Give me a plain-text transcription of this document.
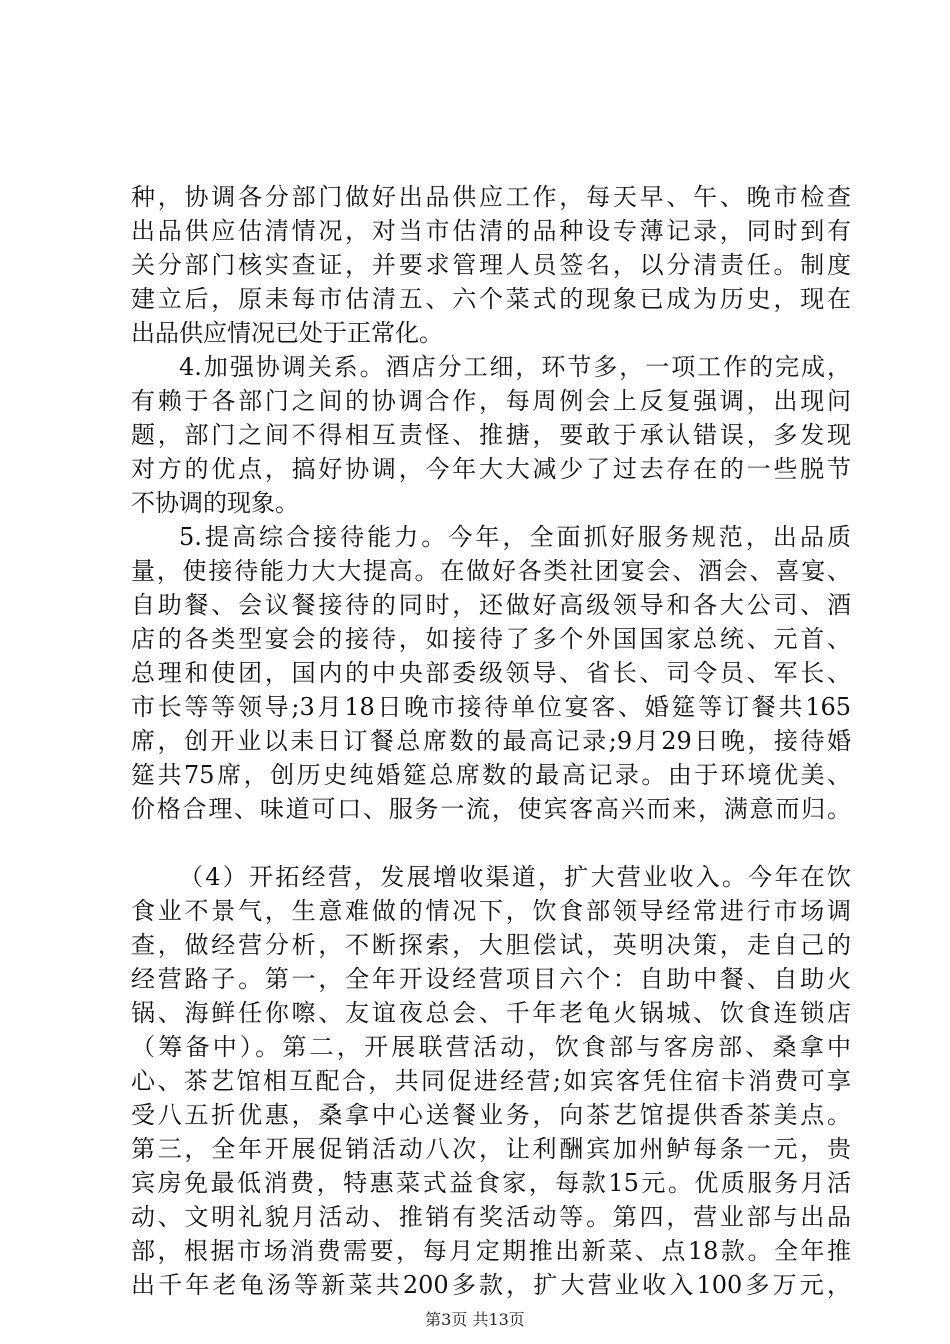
种，协调各分部门做好出品供应工作，每天早、午、晚市检查
出品供应估清情况，对当市估清的品种设专薄记录，同时到有
关分部门核实查证，并要求管理人员签名，以分清责任。制度
建立后，原耒每市估清五、六个菜式的现象已成为历史，现在
出品供应情况已处于正常化。
4.加强协调关系。酒店分工细，环节多，一项工作的完成，
有赖于各部门之间的协调合作，每周例会上反复强调，出现问
题，部门之间不得相互责怪、推搪，要敢于承认错误，多发现
对方的优点，搞好协调，今年大大减少了过去存在的一些脱节
不协调的现象。
5.提高综合接待能力。今年，全面抓好服务规范，出品质
量，使接待能力大大提高。在做好各类社团宴会、酒会、喜宴、
自助餐、会议餐接待的同时，还做好高级领导和各大公司、酒
店的各类型宴会的接待，如接待了多个外国国家总统、元首、
总理和使团，国内的中央部委级领导、省长、司令员、军长、
市长等等领导;3月18日晚市接待单位宴客、婚筵等订餐共165
席，创开业以耒日订餐总席数的最高记录;9月29日晚，接待婚
筵共75席，创历史纯婚筵总席数的最高记录。由于环境优美、
价格合理、味道可口、服务一流，使宾客高兴而来，满意而归。
（4）开拓经营，发展增收渠道，扩大营业收入。今年在饮
食业不景气，生意难做的情况下，饮食部领导经常进行市场调
查，做经营分析，不断探索，大胆偿试，英明决策，走自己的
经营路子。第一，全年开设经营项目六个：自助中餐、自助火
锅、海鲜任你嚓、友谊夜总会、千年老龟火锅城、饮食连锁店
（筹备中）。第二，开展联营活动，饮食部与客房部、桑拿中
心、茶艺馆相互配合，共同促进经营;如宾客凭住宿卡消费可享
受八五折优惠，桑拿中心送餐业务，向茶艺馆提供香茶美点。
第三，全年开展促销活动八次，让利酬宾加州鲈每条一元，贵
宾房免最低消费，特惠菜式益食家，每款15元。优质服务月活
动、文明礼貌月活动、推销有奖活动等。第四，营业部与出品
部，根据市场消费需要，每月定期推出新菜、点18款。全年推
出千年老龟汤等新菜共200多款，扩大营业收入100多万元，
第3页 共13页
